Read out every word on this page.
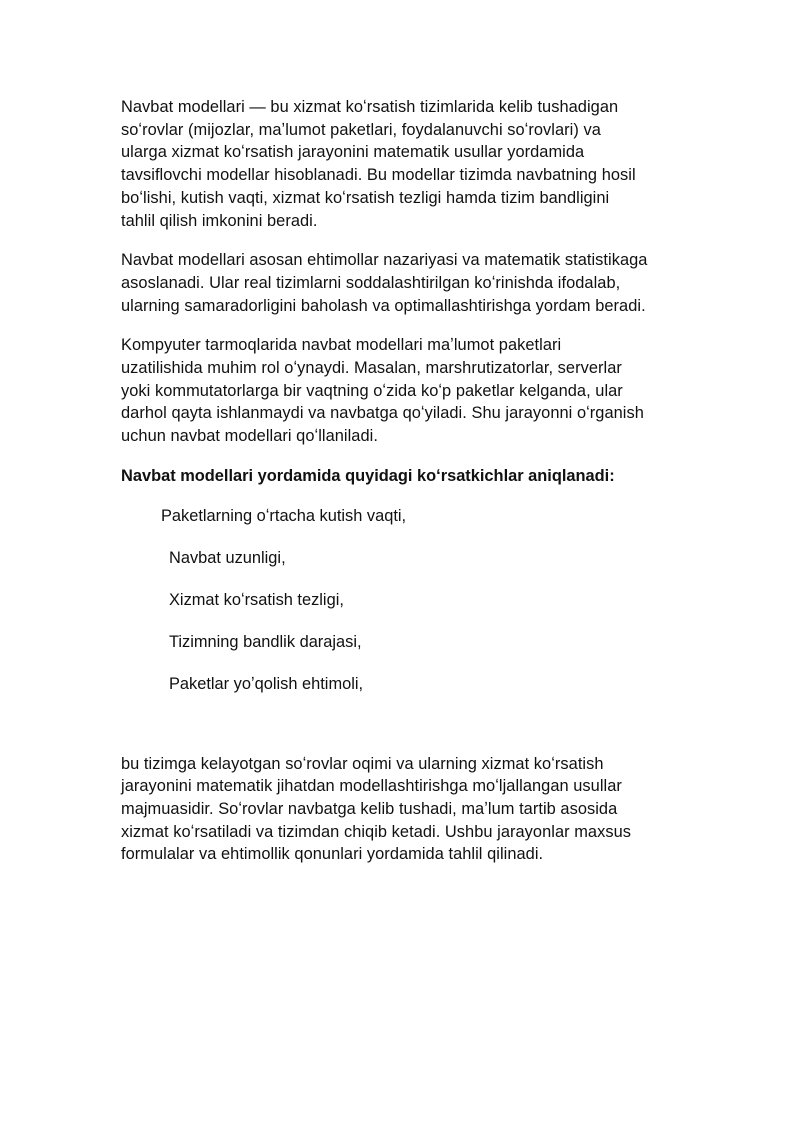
Navbat modellari — bu xizmat koʻrsatish tizimlarida kelib tushadigan
soʻrovlar (mijozlar, maʼlumot paketlari, foydalanuvchi soʻrovlari) va
ularga xizmat koʻrsatish jarayonini matematik usullar yordamida
tavsiflovchi modellar hisoblanadi. Bu modellar tizimda navbatning hosil
boʻlishi, kutish vaqti, xizmat koʻrsatish tezligi hamda tizim bandligini
tahlil qilish imkonini beradi.

Navbat modellari asosan ehtimollar nazariyasi va matematik statistikaga
asoslanadi. Ular real tizimlarni soddalashtirilgan koʻrinishda ifodalab,
ularning samaradorligini baholash va optimallashtirishga yordam beradi.

Kompyuter tarmoqlarida navbat modellari maʼlumot paketlari
uzatilishida muhim rol oʻynaydi. Masalan, marshrutizatorlar, serverlar
yoki kommutatorlarga bir vaqtning oʻzida koʻp paketlar kelganda, ular
darhol qayta ishlanmaydi va navbatga qoʻyiladi. Shu jarayonni oʻrganish
uchun navbat modellari qoʻllaniladi.

Navbat modellari yordamida quyidagi koʻrsatkichlar aniqlanadi:

Paketlarning oʻrtacha kutish vaqti,
Navbat uzunligi,
Xizmat koʻrsatish tezligi,
Tizimning bandlik darajasi,
Paketlar yoʼqolish ehtimoli,

bu tizimga kelayotgan soʻrovlar oqimi va ularning xizmat koʻrsatish
jarayonini matematik jihatdan modellashtirishga moʻljallangan usullar
majmuasidir. Soʻrovlar navbatga kelib tushadi, maʼlum tartib asosida
xizmat koʻrsatiladi va tizimdan chiqib ketadi. Ushbu jarayonlar maxsus
formulalar va ehtimollik qonunlari yordamida tahlil qilinadi.
